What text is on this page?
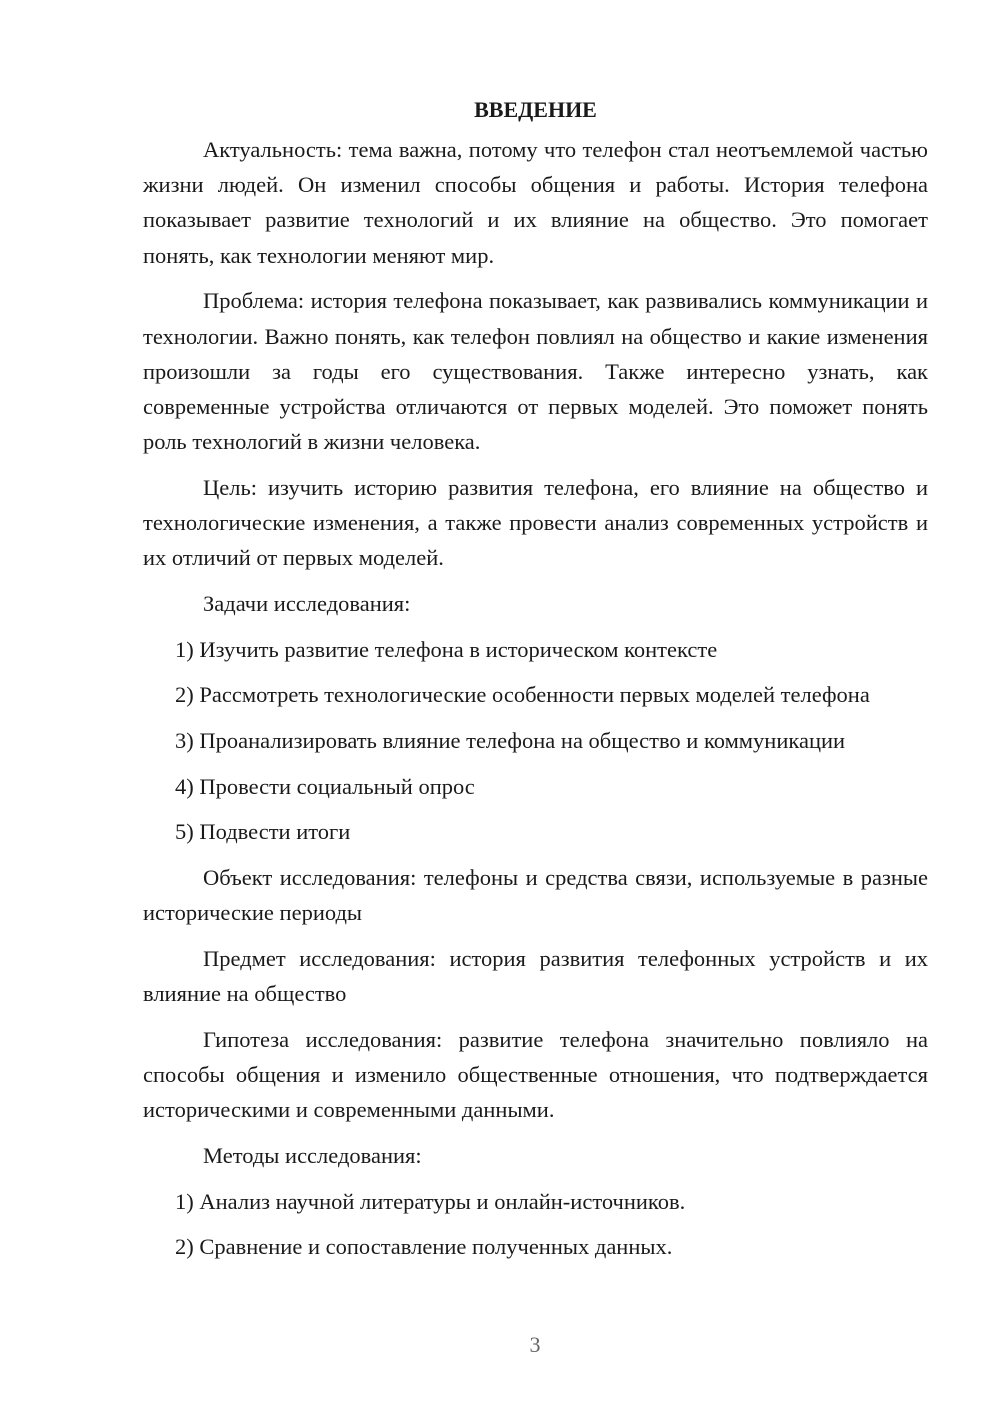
ВВЕДЕНИЕ

Актуальность: тема важна, потому что телефон стал неотъемлемой частью жизни людей. Он изменил способы общения и работы. История телефона показывает развитие технологий и их влияние на общество. Это помогает понять, как технологии меняют мир.

Проблема: история телефона показывает, как развивались коммуникации и технологии. Важно понять, как телефон повлиял на общество и какие изменения произошли за годы его существования. Также интересно узнать, как современные устройства отличаются от первых моделей. Это поможет понять роль технологий в жизни человека.

Цель: изучить историю развития телефона, его влияние на общество и технологические изменения, а также провести анализ современных устройств и их отличий от первых моделей.

Задачи исследования:

1) Изучить развитие телефона в историческом контексте

2) Рассмотреть технологические особенности первых моделей телефона

3) Проанализировать влияние телефона на общество и коммуникации

4) Провести социальный опрос

5) Подвести итоги

Объект исследования: телефоны и средства связи, используемые в разные исторические периоды

Предмет исследования: история развития телефонных устройств и их влияние на общество

Гипотеза исследования: развитие телефона значительно повлияло на способы общения и изменило общественные отношения, что подтверждается историческими и современными данными.

Методы исследования:

1) Анализ научной литературы и онлайн-источников.

2) Сравнение и сопоставление полученных данных.

3
